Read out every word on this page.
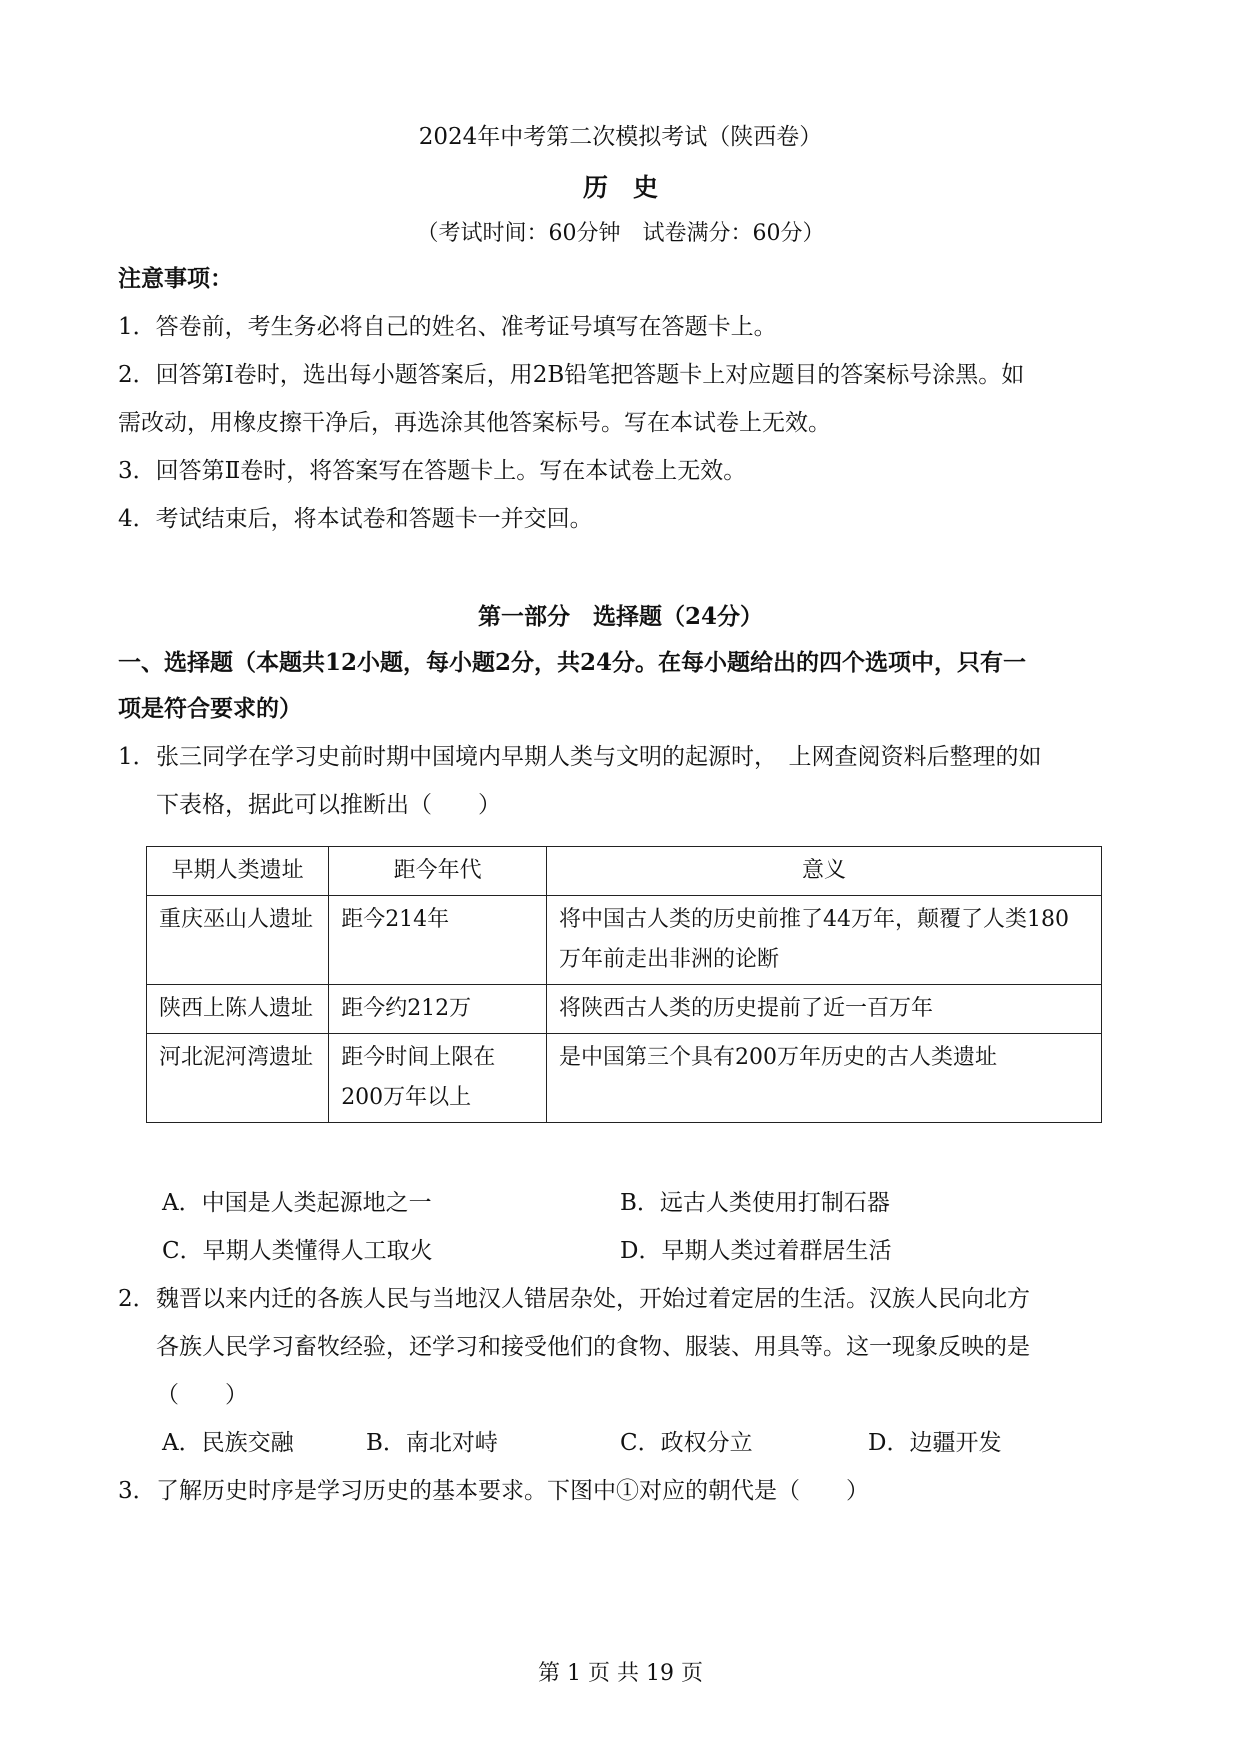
2024年中考第二次模拟考试（陕西卷）
历　史
（考试时间：60分钟　试卷满分：60分）
注意事项：
1．答卷前，考生务必将自己的姓名、准考证号填写在答题卡上。
2．回答第Ⅰ卷时，选出每小题答案后，用2B铅笔把答题卡上对应题目的答案标号涂黑。如
需改动，用橡皮擦干净后，再选涂其他答案标号。写在本试卷上无效。
3．回答第Ⅱ卷时，将答案写在答题卡上。写在本试卷上无效。
4．考试结束后，将本试卷和答题卡一并交回。
第一部分　选择题（24分）
一、选择题（本题共12小题，每小题2分，共24分。在每小题给出的四个选项中，只有一
项是符合要求的）
1． 张三同学在学习史前时期中国境内早期人类与文明的起源时，　上网查阅资料后整理的如
下表格，据此可以推断出（　　）
早期人类遗址	距今年代	意义
重庆巫山人遗址	距今214年	将中国古人类的历史前推了44万年，颠覆了人类180万年前走出非洲的论断
陕西上陈人遗址	距今约212万	将陕西古人类的历史提前了近一百万年
河北泥河湾遗址	距今时间上限在200万年以上	是中国第三个具有200万年历史的古人类遗址
A．中国是人类起源地之一	B．远古人类使用打制石器
C．早期人类懂得人工取火	D．早期人类过着群居生活
2． 魏晋以来内迁的各族人民与当地汉人错居杂处，开始过着定居的生活。汉族人民向北方
各族人民学习畜牧经验，还学习和接受他们的食物、服装、用具等。这一现象反映的是
（　　）
A．民族交融	B．南北对峙	C．政权分立	D．边疆开发
3． 了解历史时序是学习历史的基本要求。下图中①对应的朝代是（　　）
第 1 页 共 19 页
